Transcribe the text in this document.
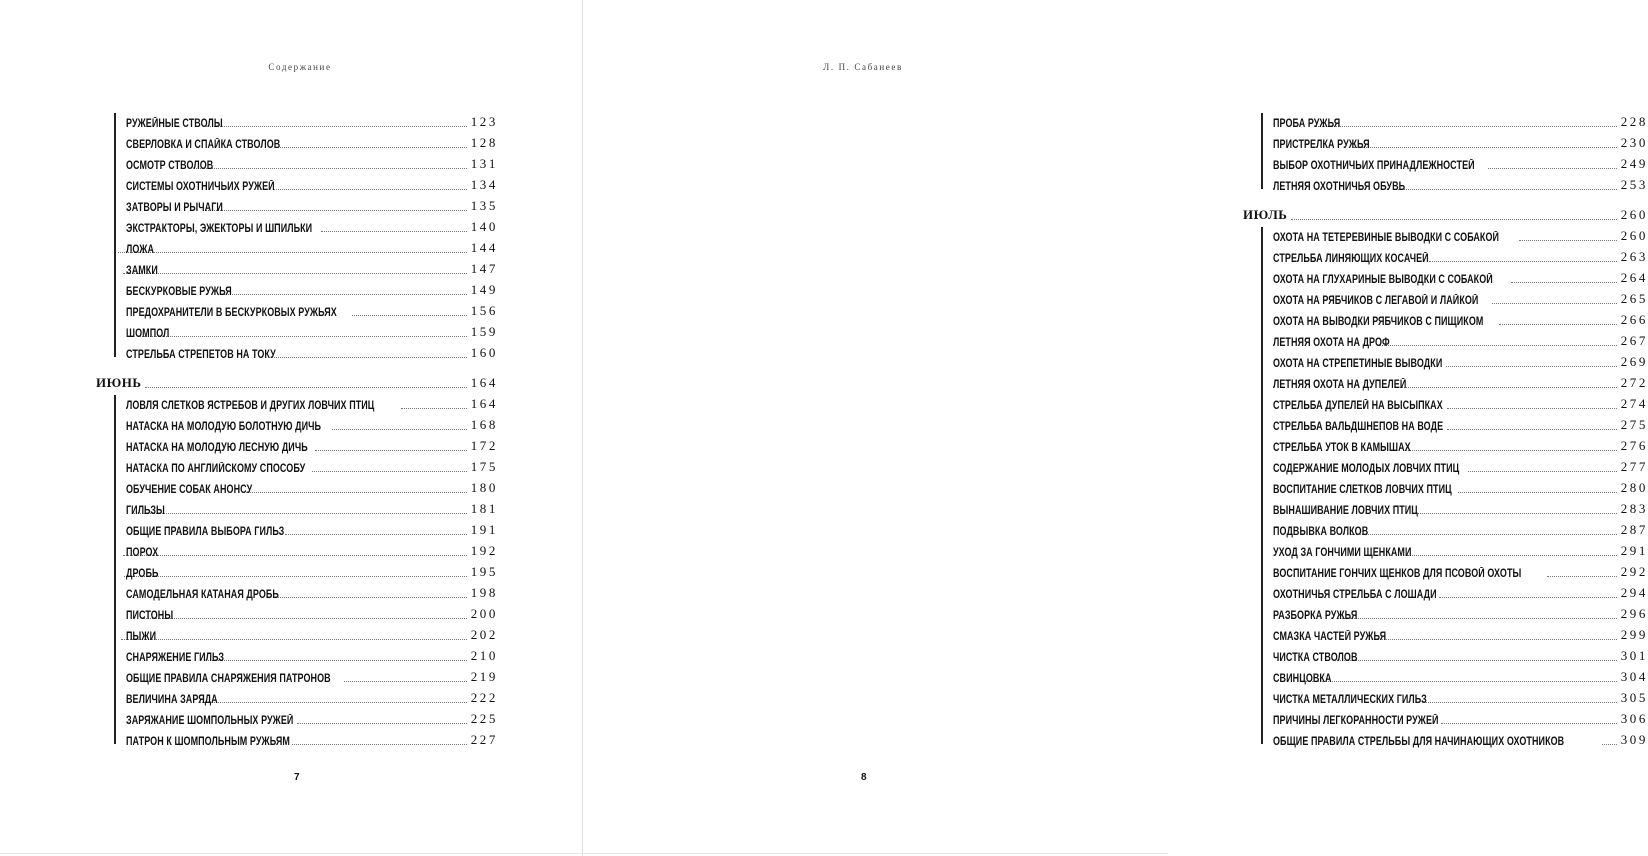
Содержание
РУЖЕЙНЫЕ СТВОЛЫ	123
СВЕРЛОВКА И СПАЙКА СТВОЛОВ	128
ОСМОТР СТВОЛОВ	131
СИСТЕМЫ ОХОТНИЧЬИХ РУЖЕЙ	134
ЗАТВОРЫ И РЫЧАГИ	135
ЭКСТРАКТОРЫ, ЭЖЕКТОРЫ И ШПИЛЬКИ	140
ЛОЖА	144
ЗАМКИ	147
БЕСКУРКОВЫЕ РУЖЬЯ	149
ПРЕДОХРАНИТЕЛИ В БЕСКУРКОВЫХ РУЖЬЯХ	156
ШОМПОЛ	159
СТРЕЛЬБА СТРЕПЕТОВ НА ТОКУ	160
ИЮНЬ	164
ЛОВЛЯ СЛЕТКОВ ЯСТРЕБОВ И ДРУГИХ ЛОВЧИХ ПТИЦ	164
НАТАСКА НА МОЛОДУЮ БОЛОТНУЮ ДИЧЬ	168
НАТАСКА НА МОЛОДУЮ ЛЕСНУЮ ДИЧЬ	172
НАТАСКА ПО АНГЛИЙСКОМУ СПОСОБУ	175
ОБУЧЕНИЕ СОБАК АНОНСУ	180
ГИЛЬЗЫ	181
ОБЩИЕ ПРАВИЛА ВЫБОРА ГИЛЬЗ	191
ПОРОХ	192
ДРОБЬ	195
САМОДЕЛЬНАЯ КАТАНАЯ ДРОБЬ	198
ПИСТОНЫ	200
ПЫЖИ	202
СНАРЯЖЕНИЕ ГИЛЬЗ	210
ОБЩИЕ ПРАВИЛА СНАРЯЖЕНИЯ ПАТРОНОВ	219
ВЕЛИЧИНА ЗАРЯДА	222
ЗАРЯЖАНИЕ ШОМПОЛЬНЫХ РУЖЕЙ	225
ПАТРОН К ШОМПОЛЬНЫМ РУЖЬЯМ	227
7
Л. П. Сабанеев
ПРОБА РУЖЬЯ	228
ПРИСТРЕЛКА РУЖЬЯ	230
ВЫБОР ОХОТНИЧЬИХ ПРИНАДЛЕЖНОСТЕЙ	249
ЛЕТНЯЯ ОХОТНИЧЬЯ ОБУВЬ	253
ИЮЛЬ	260
ОХОТА НА ТЕТЕРЕВИНЫЕ ВЫВОДКИ С СОБАКОЙ	260
СТРЕЛЬБА ЛИНЯЮЩИХ КОСАЧЕЙ	263
ОХОТА НА ГЛУХАРИНЫЕ ВЫВОДКИ С СОБАКОЙ	264
ОХОТА НА РЯБЧИКОВ С ЛЕГАВОЙ И ЛАЙКОЙ	265
ОХОТА НА ВЫВОДКИ РЯБЧИКОВ С ПИЩИКОМ	266
ЛЕТНЯЯ ОХОТА НА ДРОФ	267
ОХОТА НА СТРЕПЕТИНЫЕ ВЫВОДКИ	269
ЛЕТНЯЯ ОХОТА НА ДУПЕЛЕЙ	272
СТРЕЛЬБА ДУПЕЛЕЙ НА ВЫСЫПКАХ	274
СТРЕЛЬБА ВАЛЬДШНЕПОВ НА ВОДЕ	275
СТРЕЛЬБА УТОК В КАМЫШАХ	276
СОДЕРЖАНИЕ МОЛОДЫХ ЛОВЧИХ ПТИЦ	277
ВОСПИТАНИЕ СЛЕТКОВ ЛОВЧИХ ПТИЦ	280
ВЫНАШИВАНИЕ ЛОВЧИХ ПТИЦ	283
ПОДВЫВКА ВОЛКОВ	287
УХОД ЗА ГОНЧИМИ ЩЕНКАМИ	291
ВОСПИТАНИЕ ГОНЧИХ ЩЕНКОВ ДЛЯ ПСОВОЙ ОХОТЫ	292
ОХОТНИЧЬЯ СТРЕЛЬБА С ЛОШАДИ	294
РАЗБОРКА РУЖЬЯ	296
СМАЗКА ЧАСТЕЙ РУЖЬЯ	299
ЧИСТКА СТВОЛОВ	301
СВИНЦОВКА	304
ЧИСТКА МЕТАЛЛИЧЕСКИХ ГИЛЬЗ	305
ПРИЧИНЫ ЛЕГКОРАННОСТИ РУЖЕЙ	306
ОБЩИЕ ПРАВИЛА СТРЕЛЬБЫ ДЛЯ НАЧИНАЮЩИХ ОХОТНИКОВ	309
8
